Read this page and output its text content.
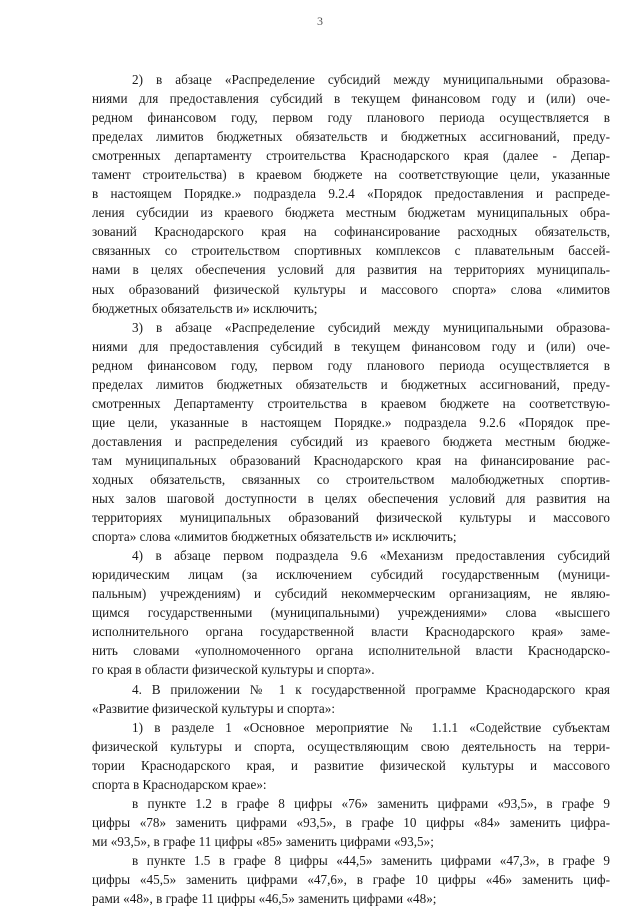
3
2) в абзаце «Распределение субсидий между муниципальными образова-
ниями для предоставления субсидий в текущем финансовом году и (или) оче-
редном финансовом году, первом году планового периода осуществляется в
пределах лимитов бюджетных обязательств и бюджетных ассигнований, преду-
смотренных департаменту строительства Краснодарского края (далее - Депар-
тамент строительства) в краевом бюджете на соответствующие цели, указанные
в настоящем Порядке.» подраздела 9.2.4 «Порядок предоставления и распреде-
ления субсидии из краевого бюджета местным бюджетам муниципальных обра-
зований Краснодарского края на софинансирование расходных обязательств,
связанных со строительством спортивных комплексов с плавательным бассей-
нами в целях обеспечения условий для развития на территориях муниципаль-
ных образований физической культуры и массового спорта» слова «лимитов
бюджетных обязательств и» исключить;
3) в абзаце «Распределение субсидий между муниципальными образова-
ниями для предоставления субсидий в текущем финансовом году и (или) оче-
редном финансовом году, первом году планового периода осуществляется в
пределах лимитов бюджетных обязательств и бюджетных ассигнований, преду-
смотренных Департаменту строительства в краевом бюджете на соответствую-
щие цели, указанные в настоящем Порядке.» подраздела 9.2.6 «Порядок пре-
доставления и распределения субсидий из краевого бюджета местным бюдже-
там муниципальных образований Краснодарского края на финансирование рас-
ходных обязательств, связанных со строительством малобюджетных спортив-
ных залов шаговой доступности в целях обеспечения условий для развития на
территориях муниципальных образований физической культуры и массового
спорта» слова «лимитов бюджетных обязательств и» исключить;
4) в абзаце первом подраздела 9.6 «Механизм предоставления субсидий
юридическим лицам (за исключением субсидий государственным (муници-
пальным) учреждениям) и субсидий некоммерческим организациям, не являю-
щимся государственными (муниципальными) учреждениями» слова «высшего
исполнительного органа государственной власти Краснодарского края» заме-
нить словами «уполномоченного органа исполнительной власти Краснодарско-
го края в области физической культуры и спорта».
4. В приложении № 1 к государственной программе Краснодарского края
«Развитие физической культуры и спорта»:
1) в разделе 1 «Основное мероприятие № 1.1.1 «Содействие субъектам
физической культуры и спорта, осуществляющим свою деятельность на терри-
тории Краснодарского края, и развитие физической культуры и массового
спорта в Краснодарском крае»:
в пункте 1.2 в графе 8 цифры «76» заменить цифрами «93,5», в графе 9
цифры «78» заменить цифрами «93,5», в графе 10 цифры «84» заменить цифра-
ми «93,5», в графе 11 цифры «85» заменить цифрами «93,5»;
в пункте 1.5 в графе 8 цифры «44,5» заменить цифрами «47,3», в графе 9
цифры «45,5» заменить цифрами «47,6», в графе 10 цифры «46» заменить циф-
рами «48», в графе 11 цифры «46,5» заменить цифрами «48»;
